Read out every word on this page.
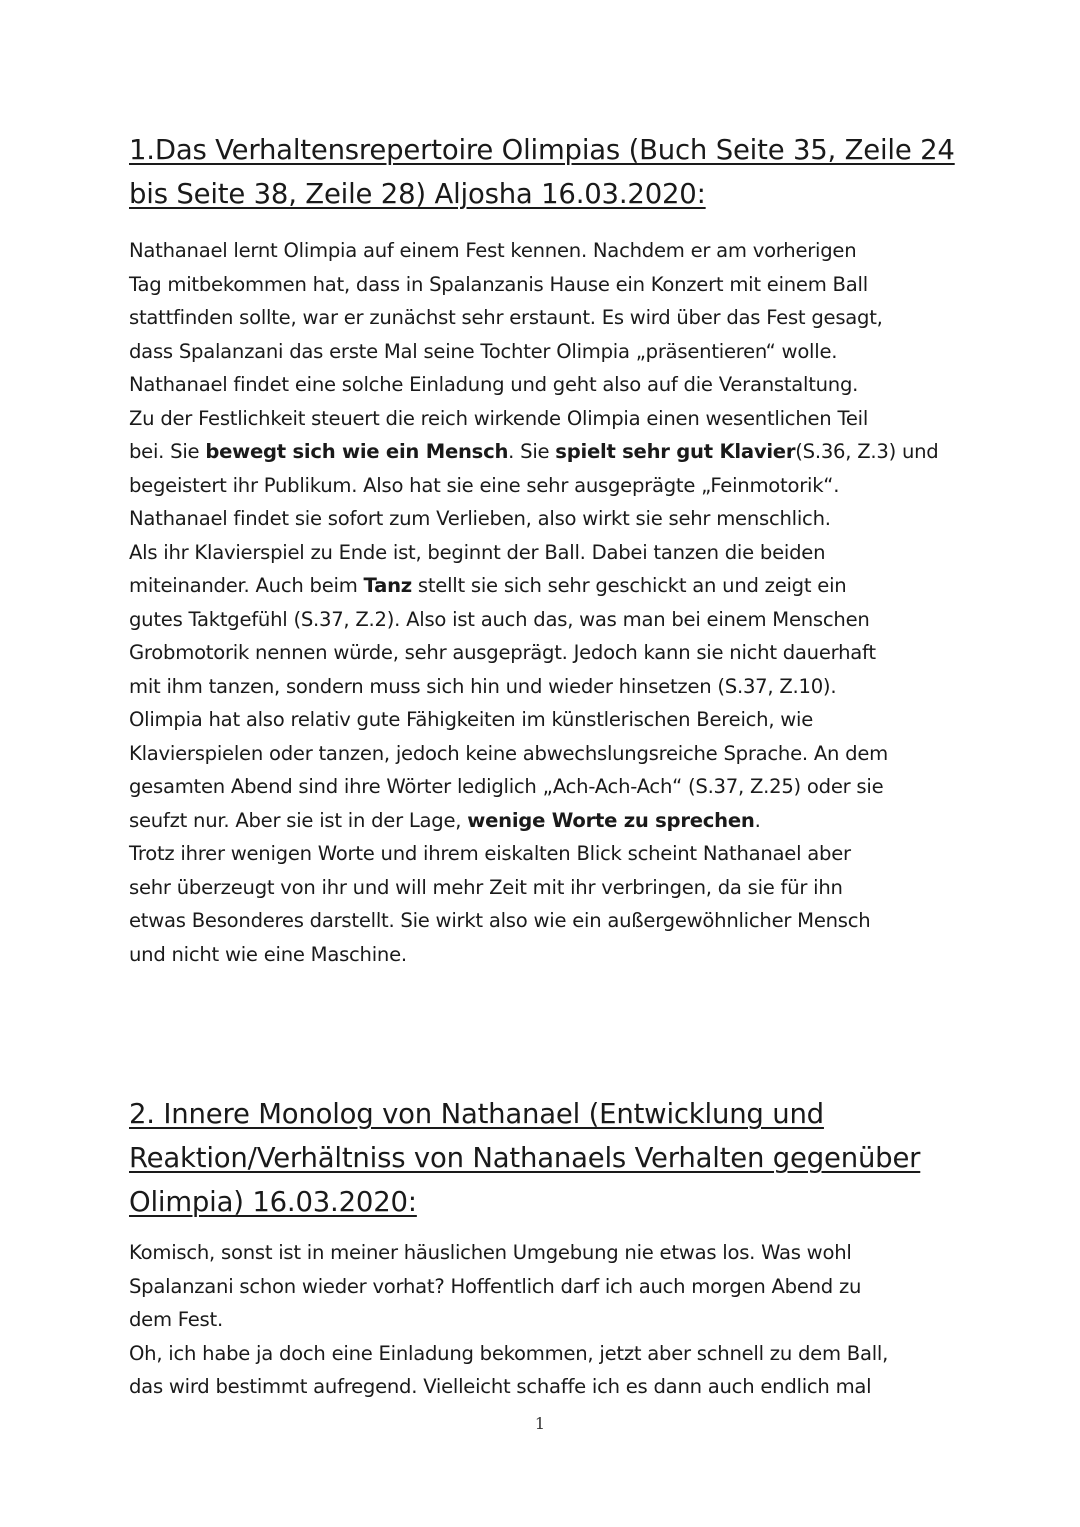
1.Das Verhaltensrepertoire Olimpias (Buch Seite 35, Zeile 24
bis Seite 38, Zeile 28) Aljosha 16.03.2020:
Nathanael lernt Olimpia auf einem Fest kennen. Nachdem er am vorherigen
Tag mitbekommen hat, dass in Spalanzanis Hause ein Konzert mit einem Ball
stattfinden sollte, war er zunächst sehr erstaunt. Es wird über das Fest gesagt,
dass Spalanzani das erste Mal seine Tochter Olimpia „präsentieren“ wolle.
Nathanael findet eine solche Einladung und geht also auf die Veranstaltung.
Zu der Festlichkeit steuert die reich wirkende Olimpia einen wesentlichen Teil
bei. Sie bewegt sich wie ein Mensch. Sie spielt sehr gut Klavier(S.36, Z.3) und
begeistert ihr Publikum. Also hat sie eine sehr ausgeprägte „Feinmotorik“.
Nathanael findet sie sofort zum Verlieben, also wirkt sie sehr menschlich.
Als ihr Klavierspiel zu Ende ist, beginnt der Ball. Dabei tanzen die beiden
miteinander. Auch beim Tanz stellt sie sich sehr geschickt an und zeigt ein
gutes Taktgefühl (S.37, Z.2). Also ist auch das, was man bei einem Menschen
Grobmotorik nennen würde, sehr ausgeprägt. Jedoch kann sie nicht dauerhaft
mit ihm tanzen, sondern muss sich hin und wieder hinsetzen (S.37, Z.10).
Olimpia hat also relativ gute Fähigkeiten im künstlerischen Bereich, wie
Klavierspielen oder tanzen, jedoch keine abwechslungsreiche Sprache. An dem
gesamten Abend sind ihre Wörter lediglich „Ach-Ach-Ach“ (S.37, Z.25) oder sie
seufzt nur. Aber sie ist in der Lage, wenige Worte zu sprechen.
Trotz ihrer wenigen Worte und ihrem eiskalten Blick scheint Nathanael aber
sehr überzeugt von ihr und will mehr Zeit mit ihr verbringen, da sie für ihn
etwas Besonderes darstellt. Sie wirkt also wie ein außergewöhnlicher Mensch
und nicht wie eine Maschine.
2. Innere Monolog von Nathanael (Entwicklung und
Reaktion/Verhältniss von Nathanaels Verhalten gegenüber
Olimpia) 16.03.2020:
Komisch, sonst ist in meiner häuslichen Umgebung nie etwas los. Was wohl
Spalanzani schon wieder vorhat? Hoffentlich darf ich auch morgen Abend zu
dem Fest.
Oh, ich habe ja doch eine Einladung bekommen, jetzt aber schnell zu dem Ball,
das wird bestimmt aufregend. Vielleicht schaffe ich es dann auch endlich mal
1
